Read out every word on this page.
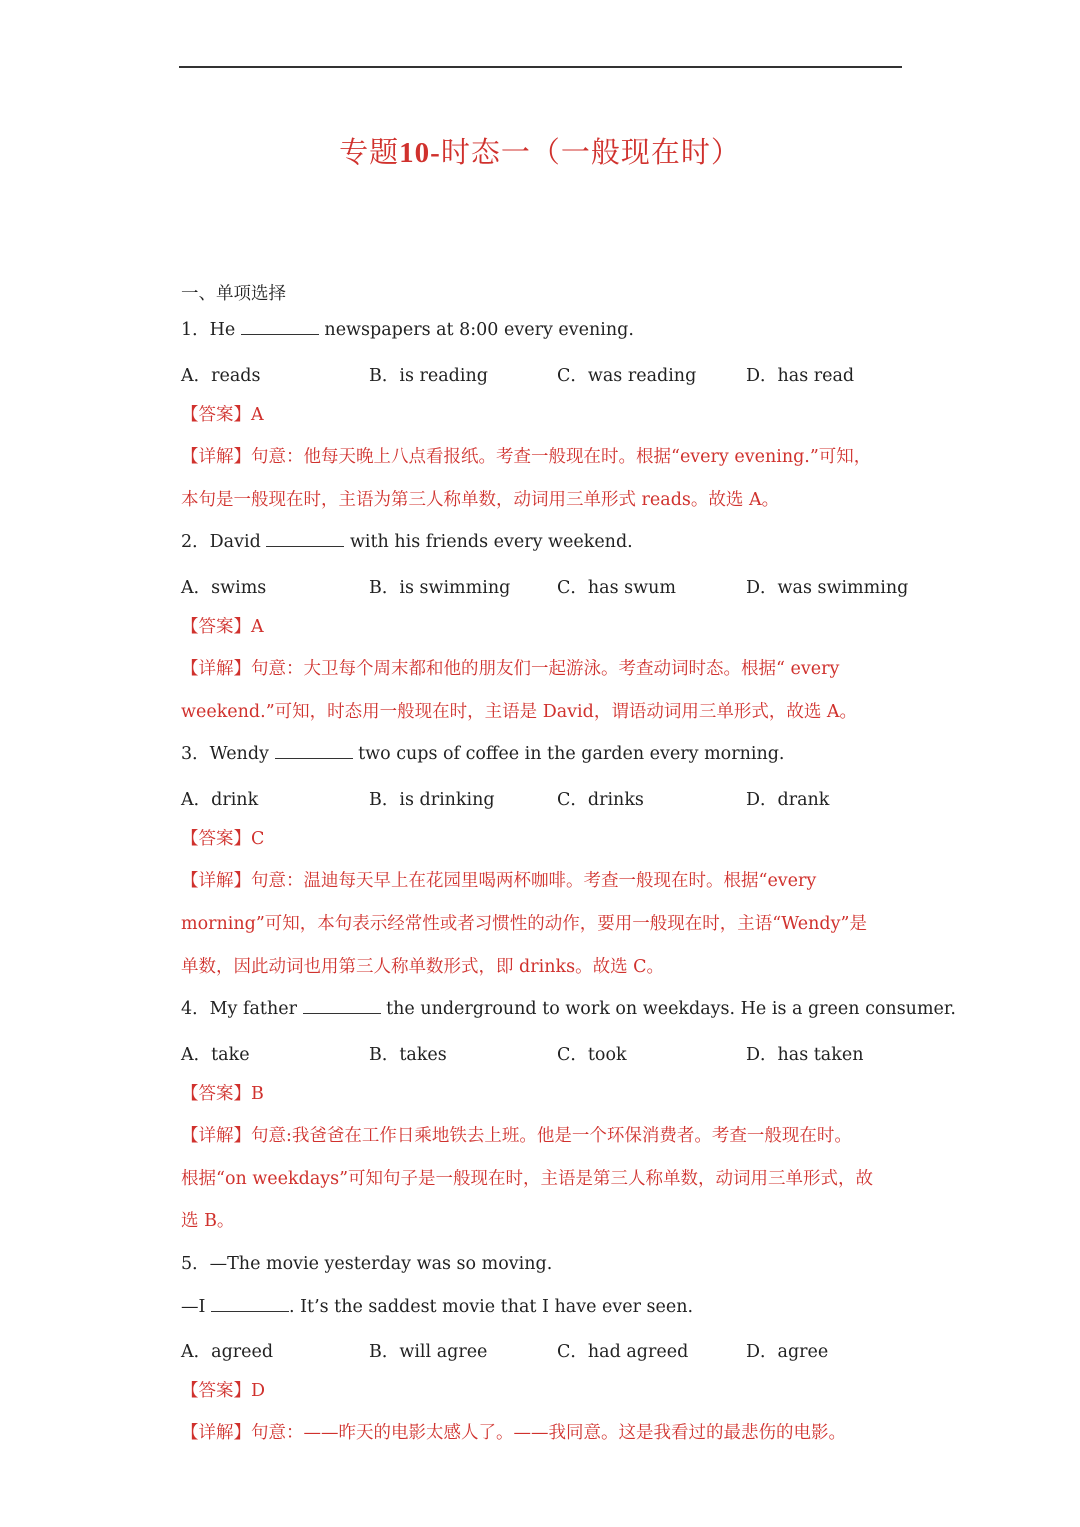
专题10-时态一（一般现在时）
一、单项选择
1．He	newspapers at 8:00 every evening.
A．reads	B．is reading	C．was reading	D．has read
【答案】A
【详解】句意：他每天晚上八点看报纸。考查一般现在时。根据“every evening.”可知，
本句是一般现在时，主语为第三人称单数，动词用三单形式 reads。故选 A。
2．David	with his friends every weekend.
A．swims	B．is swimming	C．has swum	D．was swimming
【答案】A
【详解】句意：大卫每个周末都和他的朋友们一起游泳。考查动词时态。根据“ every
weekend.”可知，时态用一般现在时，主语是 David，谓语动词用三单形式，故选 A。
3．Wendy	two cups of coffee in the garden every morning.
A．drink	B．is drinking	C．drinks	D．drank
【答案】C
【详解】句意：温迪每天早上在花园里喝两杯咖啡。考查一般现在时。根据“every
morning”可知，本句表示经常性或者习惯性的动作，要用一般现在时，主语“Wendy”是
单数，因此动词也用第三人称单数形式，即 drinks。故选 C。
4．My father	the underground to work on weekdays. He is a green consumer.
A．take	B．takes	C．took	D．has taken
【答案】B
【详解】句意:我爸爸在工作日乘地铁去上班。他是一个环保消费者。考查一般现在时。
根据“on weekdays”可知句子是一般现在时，主语是第三人称单数，动词用三单形式，故
选 B。
5．—The movie yesterday was so moving.
—I	. It’s the saddest movie that I have ever seen.
A．agreed	B．will agree	C．had agreed	D．agree
【答案】D
【详解】句意：——昨天的电影太感人了。——我同意。这是我看过的最悲伤的电影。
